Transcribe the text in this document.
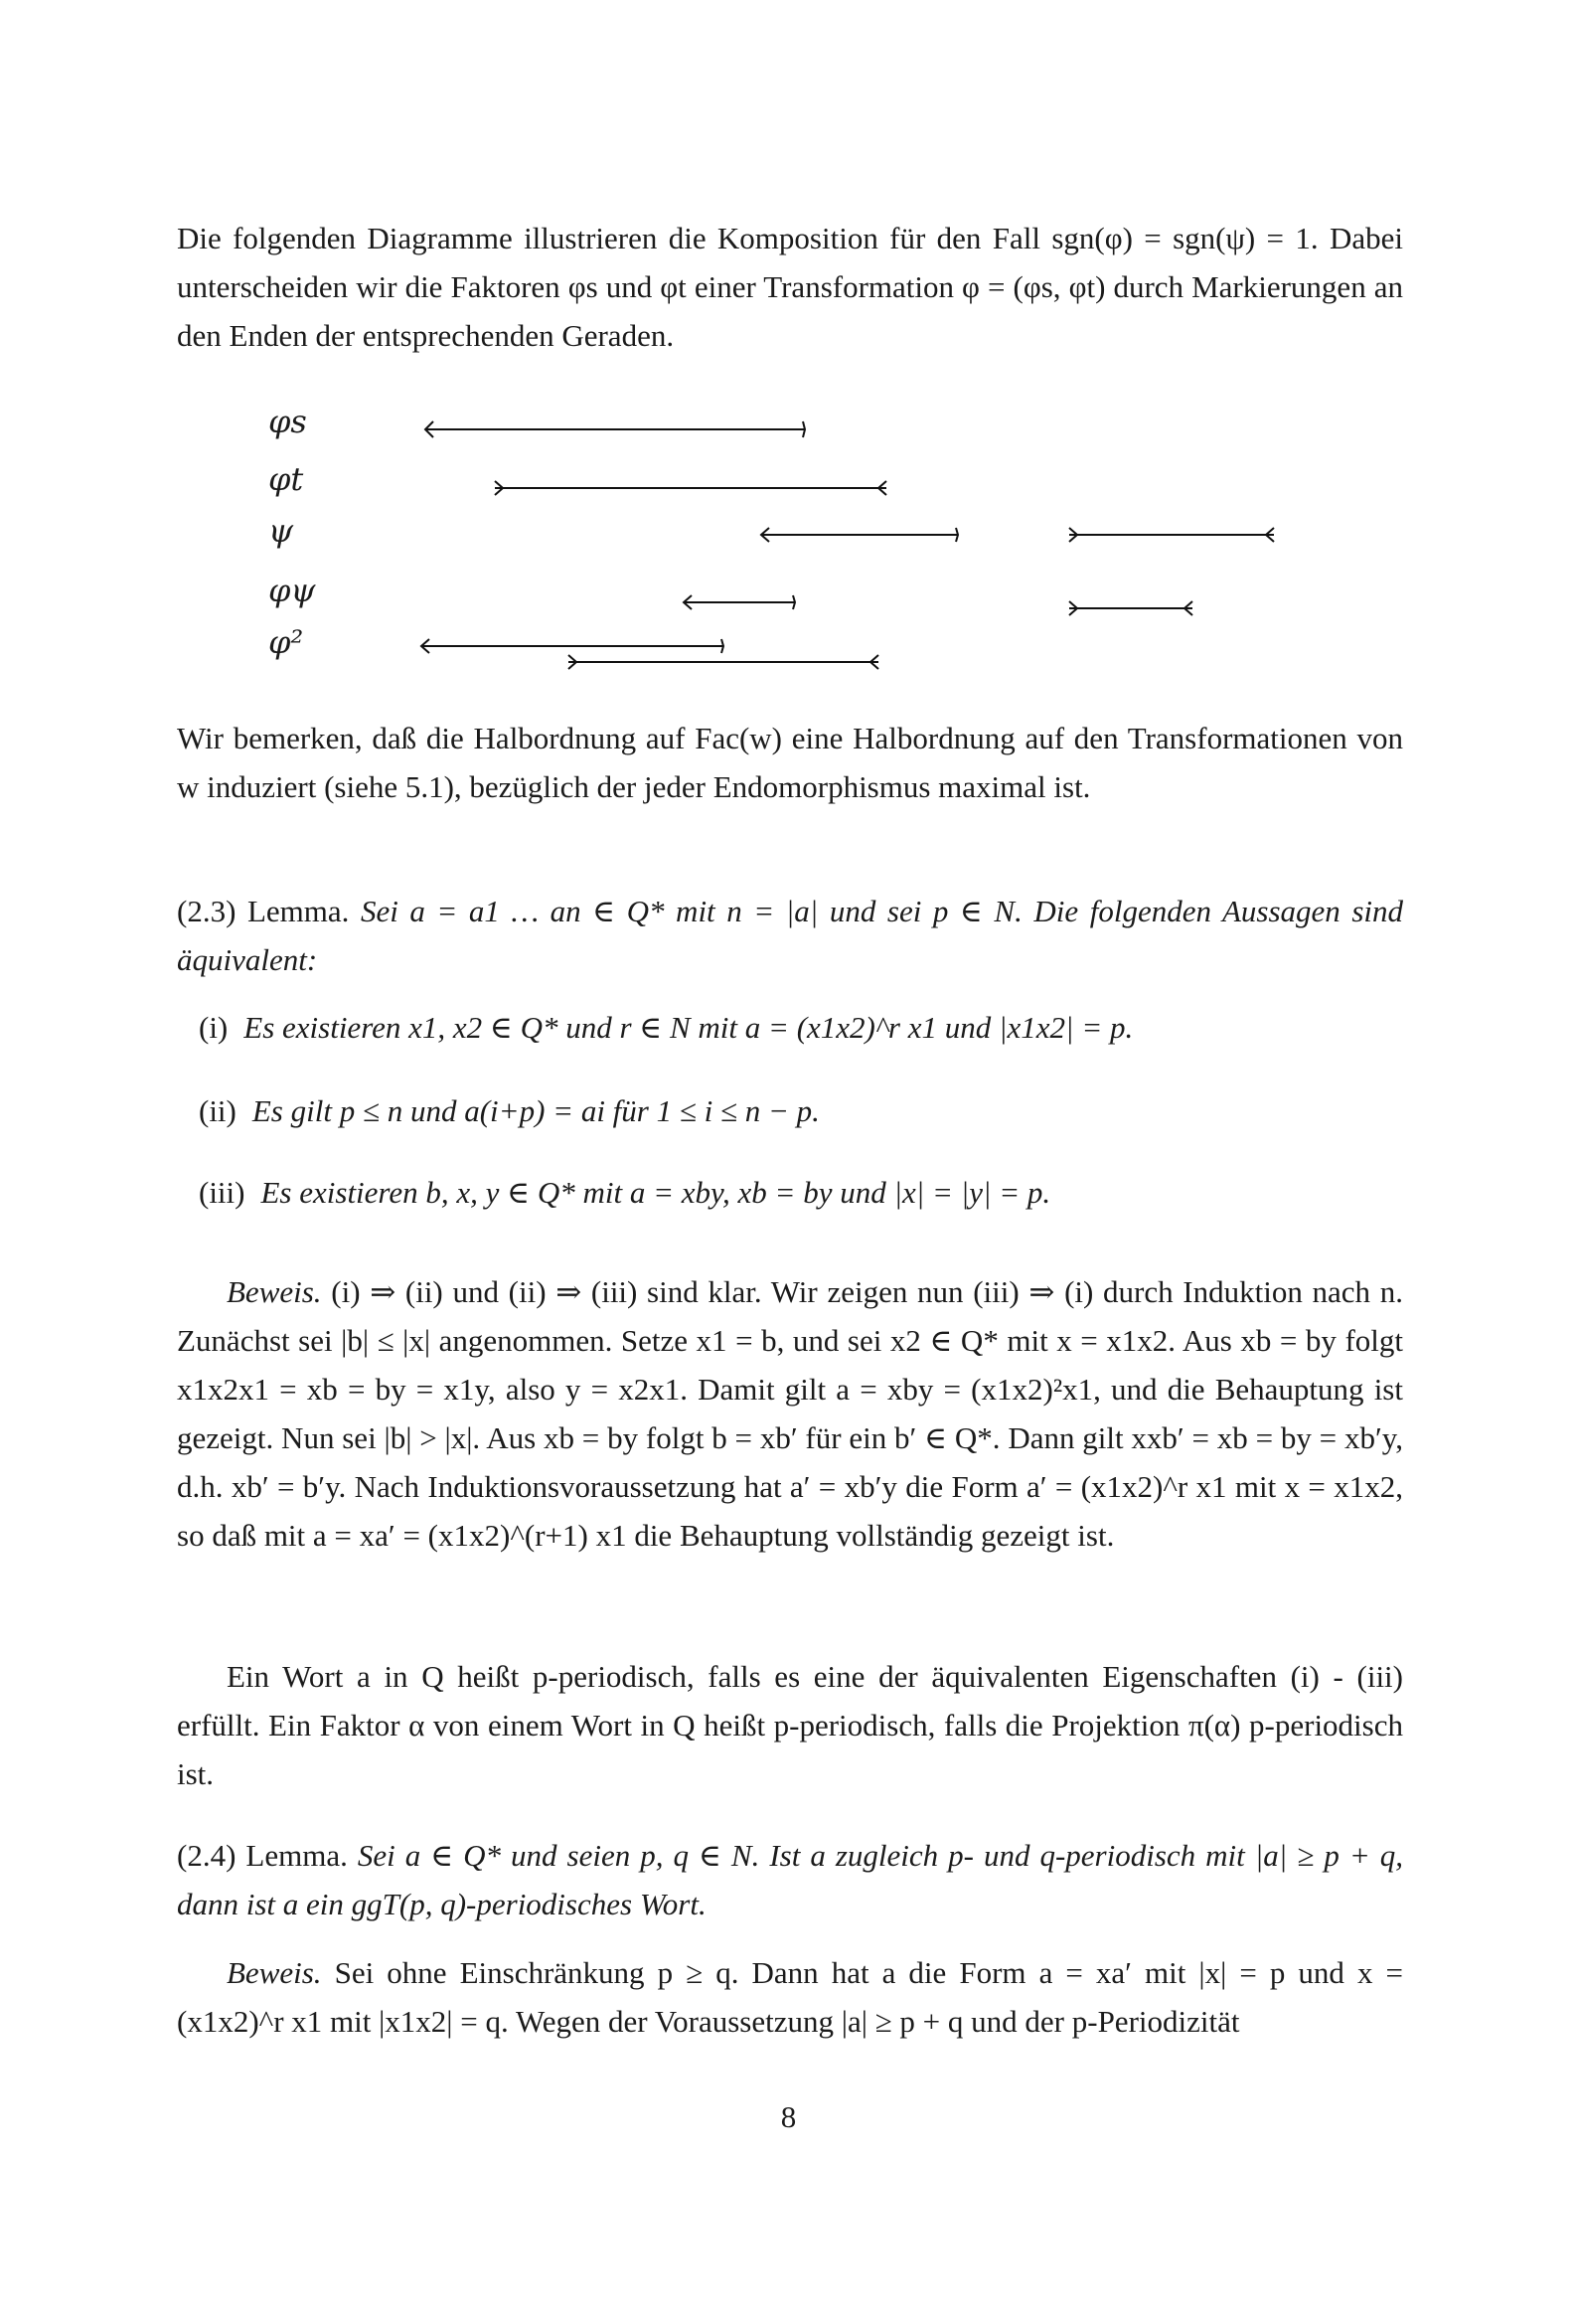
Die folgenden Diagramme illustrieren die Komposition für den Fall sgn(φ) = sgn(ψ) = 1. Dabei unterscheiden wir die Faktoren φs und φt einer Transformation φ = (φs, φt) durch Markierungen an den Enden der entsprechenden Geraden.

φs
φt
ψ
φψ
φ²

Wir bemerken, daß die Halbordnung auf Fac(w) eine Halbordnung auf den Transformationen von w induziert (siehe 5.1), bezüglich der jeder Endomorphismus maximal ist.

(2.3) Lemma. Sei a = a1 … an ∈ Q* mit n = |a| und sei p ∈ N. Die folgenden Aussagen sind äquivalent:

(i) Es existieren x1, x2 ∈ Q* und r ∈ N mit a = (x1x2)^r x1 und |x1x2| = p.

(ii) Es gilt p ≤ n und a(i+p) = ai für 1 ≤ i ≤ n − p.

(iii) Es existieren b, x, y ∈ Q* mit a = xby, xb = by und |x| = |y| = p.

Beweis. (i) ⇒ (ii) und (ii) ⇒ (iii) sind klar. Wir zeigen nun (iii) ⇒ (i) durch Induktion nach n. Zunächst sei |b| ≤ |x| angenommen. Setze x1 = b, und sei x2 ∈ Q* mit x = x1x2. Aus xb = by folgt x1x2x1 = xb = by = x1y, also y = x2x1. Damit gilt a = xby = (x1x2)²x1, und die Behauptung ist gezeigt. Nun sei |b| > |x|. Aus xb = by folgt b = xb′ für ein b′ ∈ Q*. Dann gilt xxb′ = xb = by = xb′y, d.h. xb′ = b′y. Nach Induktionsvoraussetzung hat a′ = xb′y die Form a′ = (x1x2)^r x1 mit x = x1x2, so daß mit a = xa′ = (x1x2)^(r+1) x1 die Behauptung vollständig gezeigt ist.

Ein Wort a in Q heißt p-periodisch, falls es eine der äquivalenten Eigenschaften (i) - (iii) erfüllt. Ein Faktor α von einem Wort in Q heißt p-periodisch, falls die Projektion π(α) p-periodisch ist.

(2.4) Lemma. Sei a ∈ Q* und seien p, q ∈ N. Ist a zugleich p- und q-periodisch mit |a| ≥ p + q, dann ist a ein ggT(p, q)-periodisches Wort.

Beweis. Sei ohne Einschränkung p ≥ q. Dann hat a die Form a = xa′ mit |x| = p und x = (x1x2)^r x1 mit |x1x2| = q. Wegen der Voraussetzung |a| ≥ p + q und der p-Periodizität

8
